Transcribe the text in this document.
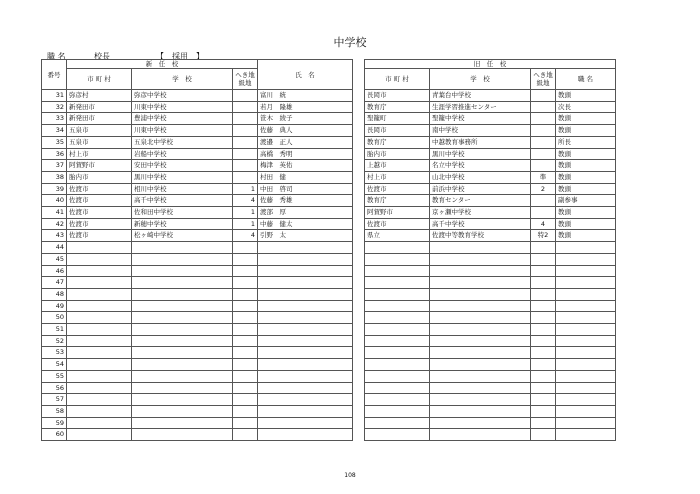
中学校
職 名	校長	【　採用　】
番号	新　任　校			氏　名		旧　任　校			
	市 町 村	学　校	へき地級地			市 町 村	学　校	へき地級地	職 名
31	弥彦村	弥彦中学校		富川　統		長岡市	青葉台中学校		教頭
32	新発田市	川東中学校		若月　隆雄		教育庁	生涯学習推進センター		次長
33	新発田市	豊浦中学校		笹木　綾子		聖籠町	聖籠中学校		教頭
34	五泉市	川東中学校		佐藤　典人		長岡市	南中学校		教頭
35	五泉市	五泉北中学校		渡邉　正人		教育庁	中越教育事務所		所長
36	村上市	岩船中学校		高橋　秀明		胎内市	黒川中学校		教頭
37	阿賀野市	安田中学校		梅津　英佑		上越市	名立中学校		教頭
38	胎内市	黒川中学校		村田　健		村上市	山北中学校	準	教頭
39	佐渡市	相川中学校	1	中田　啓司		佐渡市	前浜中学校	2	教頭
40	佐渡市	高千中学校	4	佐藤　秀雄		教育庁	教育センター		副参事
41	佐渡市	佐和田中学校	1	渡部　厚		阿賀野市	京ヶ瀬中学校		教頭
42	佐渡市	新穂中学校	1	中藤　健太		佐渡市	高千中学校	4	教頭
43	佐渡市	松ヶ崎中学校	4	引野　太		県立	佐渡中等教育学校	特2	教頭
44									
45									
46									
47									
48									
49									
50									
51									
52									
53									
54									
55									
56									
57									
58									
59									
60									
108
